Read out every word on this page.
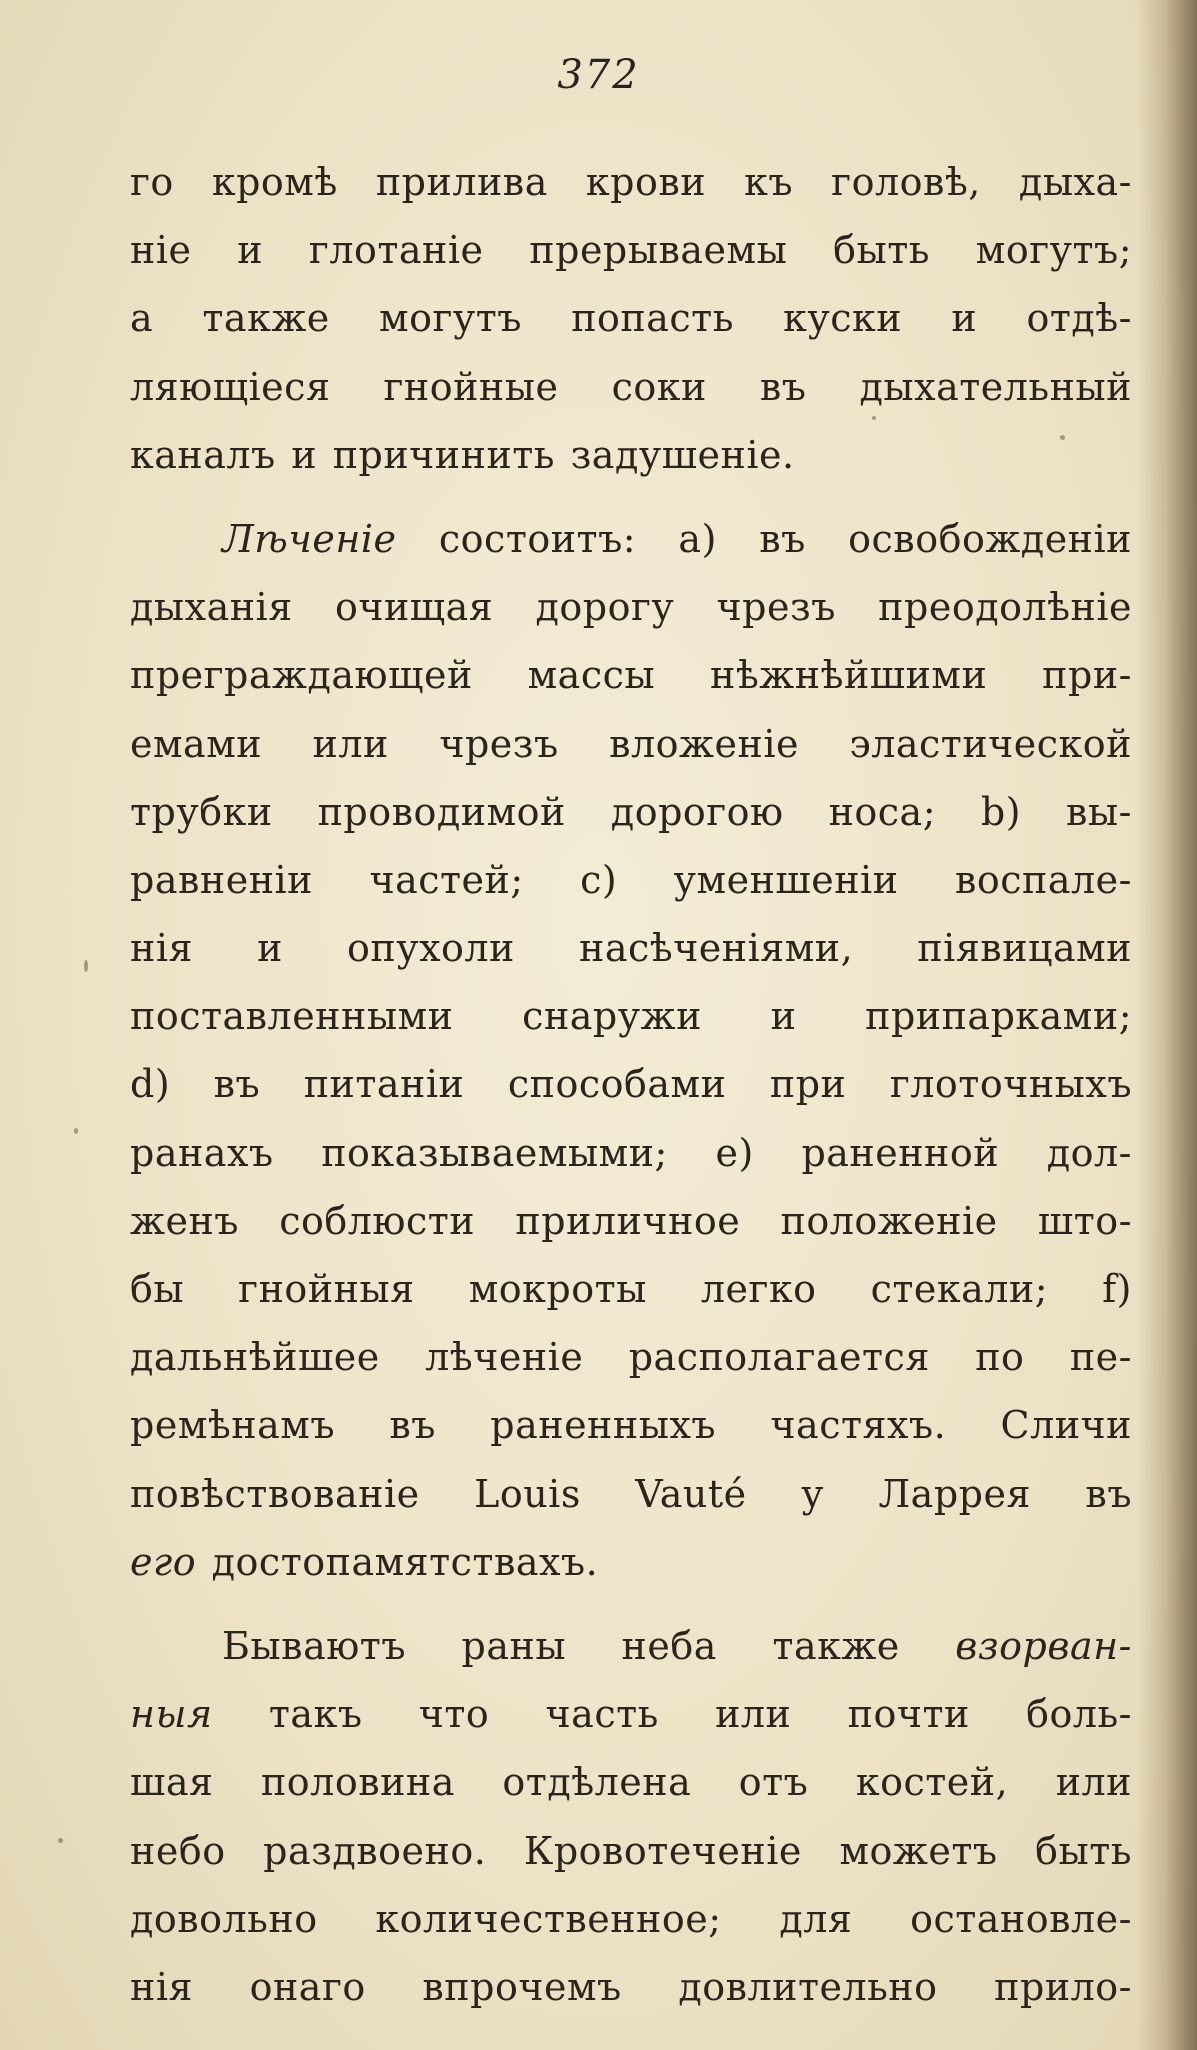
372
го кромѣ прилива крови къ головѣ, дыха-
ніе и глотаніе прерываемы быть могутъ;
а также могутъ попасть куски и отдѣ-
ляющіеся гнойные соки въ дыхательный
каналъ и причинить задушеніе.
Лѣченіе состоитъ: a) въ освобожденіи
дыханія очищая дорогу чрезъ преодолѣніе
преграждающей массы нѣжнѣйшими при-
емами или чрезъ вложеніе эластической
трубки проводимой дорогою носа; b) вы-
равненіи частей; c) уменшеніи воспале-
нія и опухоли насѣченіями, піявицами
поставленными снаружи и припарками;
d) въ питаніи способами при глоточныхъ
ранахъ показываемыми; e) раненной дол-
женъ соблюсти приличное положеніе што-
бы гнойныя мокроты легко стекали; f)
дальнѣйшее лѣченіе располагается по пе-
ремѣнамъ въ раненныхъ частяхъ. Сличи
повѣствованіе Louis Vauté у Ларрея въ
его достопамятствахъ.
Бываютъ раны неба также взорван-
ныя такъ что часть или почти боль-
шая половина отдѣлена отъ костей, или
небо раздвоено. Кровотеченіе можетъ быть
довольно количественное; для остановле-
нія онаго впрочемъ довлительно прило-
